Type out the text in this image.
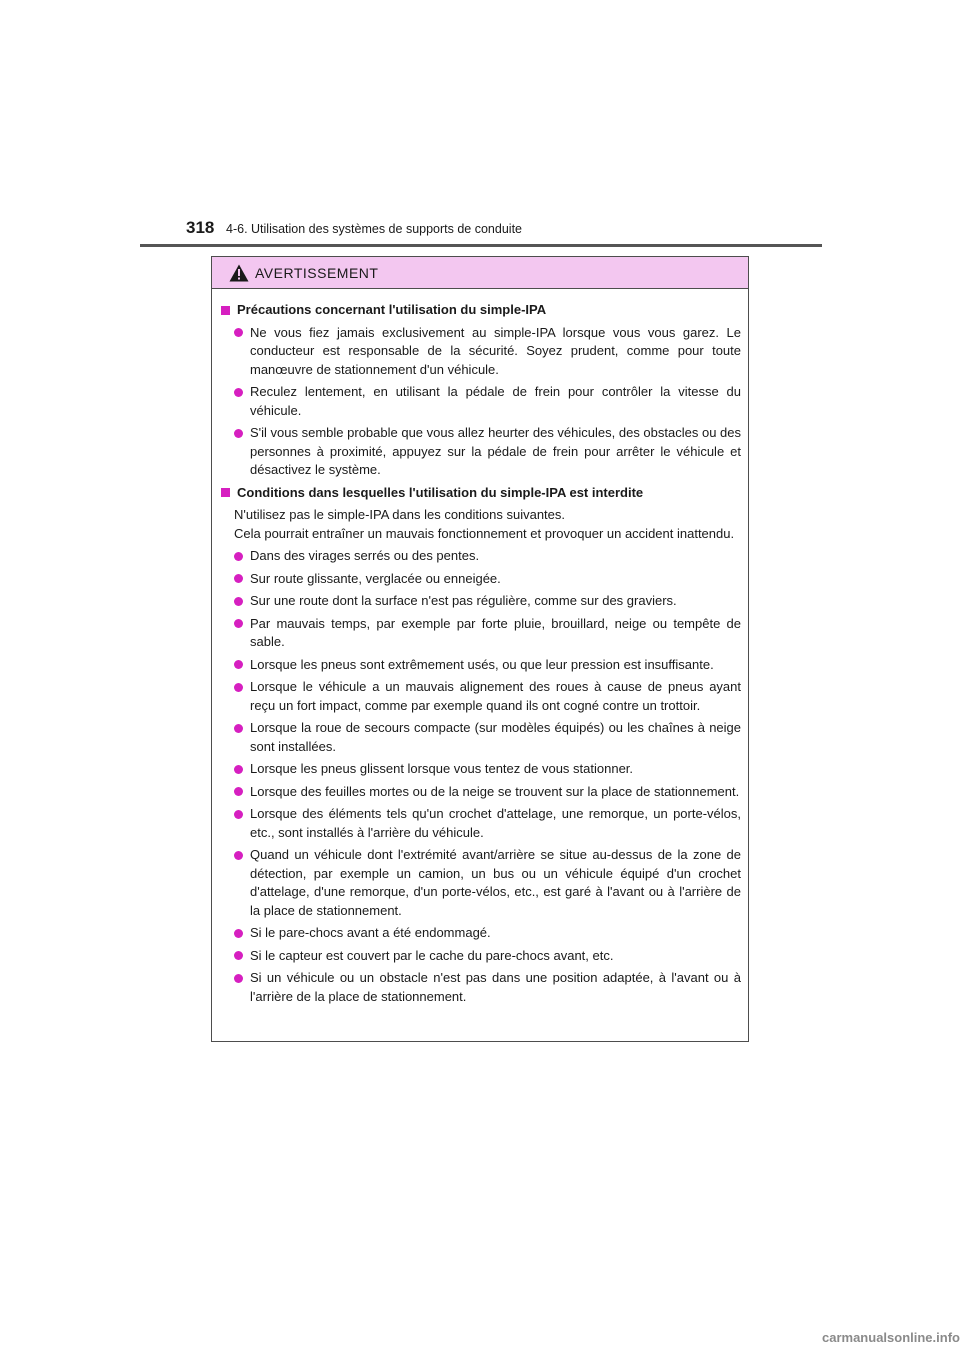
318 4-6. Utilisation des systèmes de supports de conduite
AVERTISSEMENT
Précautions concernant l'utilisation du simple-IPA
Ne vous fiez jamais exclusivement au simple-IPA lorsque vous vous garez. Le conducteur est responsable de la sécurité. Soyez prudent, comme pour toute manœuvre de stationnement d'un véhicule.
Reculez lentement, en utilisant la pédale de frein pour contrôler la vitesse du véhicule.
S'il vous semble probable que vous allez heurter des véhicules, des obstacles ou des personnes à proximité, appuyez sur la pédale de frein pour arrêter le véhicule et désactivez le système.
Conditions dans lesquelles l'utilisation du simple-IPA est interdite
N'utilisez pas le simple-IPA dans les conditions suivantes.
Cela pourrait entraîner un mauvais fonctionnement et provoquer un accident inattendu.
Dans des virages serrés ou des pentes.
Sur route glissante, verglacée ou enneigée.
Sur une route dont la surface n'est pas régulière, comme sur des graviers.
Par mauvais temps, par exemple par forte pluie, brouillard, neige ou tempête de sable.
Lorsque les pneus sont extrêmement usés, ou que leur pression est insuffisante.
Lorsque le véhicule a un mauvais alignement des roues à cause de pneus ayant reçu un fort impact, comme par exemple quand ils ont cogné contre un trottoir.
Lorsque la roue de secours compacte (sur modèles équipés) ou les chaînes à neige sont installées.
Lorsque les pneus glissent lorsque vous tentez de vous stationner.
Lorsque des feuilles mortes ou de la neige se trouvent sur la place de stationnement.
Lorsque des éléments tels qu'un crochet d'attelage, une remorque, un porte-vélos, etc., sont installés à l'arrière du véhicule.
Quand un véhicule dont l'extrémité avant/arrière se situe au-dessus de la zone de détection, par exemple un camion, un bus ou un véhicule équipé d'un crochet d'attelage, d'une remorque, d'un porte-vélos, etc., est garé à l'avant ou à l'arrière de la place de stationnement.
Si le pare-chocs avant a été endommagé.
Si le capteur est couvert par le cache du pare-chocs avant, etc.
Si un véhicule ou un obstacle n'est pas dans une position adaptée, à l'avant ou à l'arrière de la place de stationnement.
carmanualsonline.info
